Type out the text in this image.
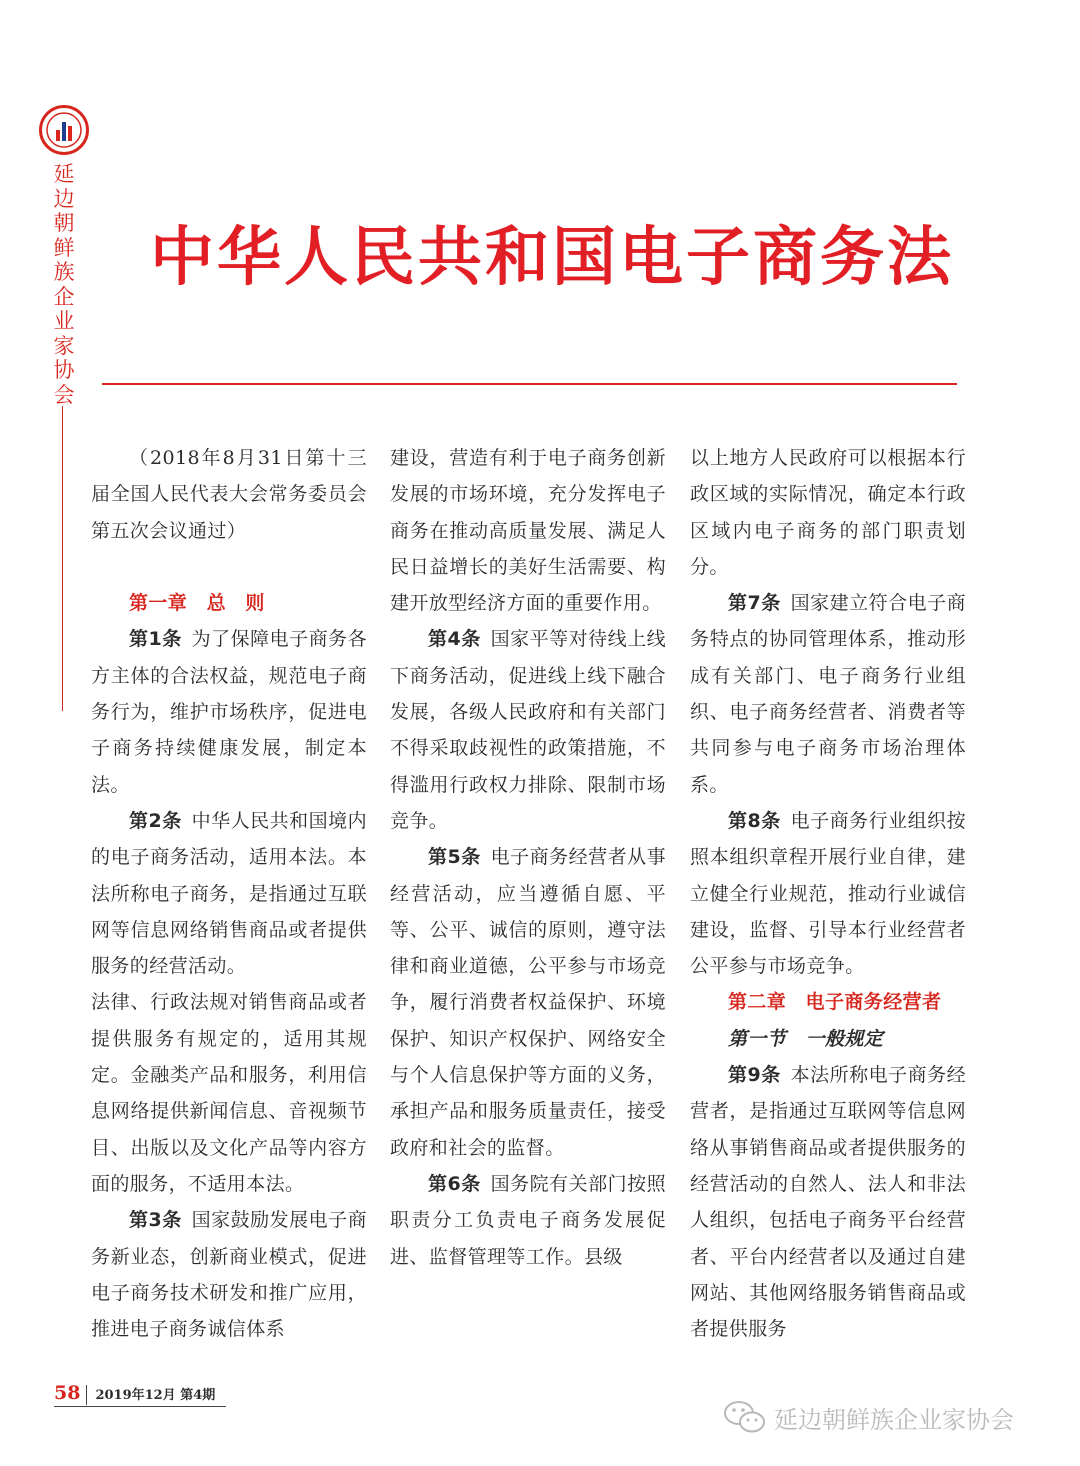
延边朝鲜族企业家协会
中华人民共和国电子商务法

（2018年8月31日第十三届全国人民代表大会常务委员会第五次会议通过）

第一章　总　则

第1条  为了保障电子商务各方主体的合法权益，规范电子商务行为，维护市场秩序，促进电子商务持续健康发展，制定本法。

第2条  中华人民共和国境内的电子商务活动，适用本法。本法所称电子商务，是指通过互联网等信息网络销售商品或者提供服务的经营活动。

法律、行政法规对销售商品或者提供服务有规定的，适用其规定。金融类产品和服务，利用信息网络提供新闻信息、音视频节目、出版以及文化产品等内容方面的服务，不适用本法。

第3条  国家鼓励发展电子商务新业态，创新商业模式，促进电子商务技术研发和推广应用，推进电子商务诚信体系

建设，营造有利于电子商务创新发展的市场环境，充分发挥电子商务在推动高质量发展、满足人民日益增长的美好生活需要、构建开放型经济方面的重要作用。

第4条  国家平等对待线上线下商务活动，促进线上线下融合发展，各级人民政府和有关部门不得采取歧视性的政策措施，不得滥用行政权力排除、限制市场竞争。

第5条  电子商务经营者从事经营活动，应当遵循自愿、平等、公平、诚信的原则，遵守法律和商业道德，公平参与市场竞争，履行消费者权益保护、环境保护、知识产权保护、网络安全与个人信息保护等方面的义务，承担产品和服务质量责任，接受政府和社会的监督。

第6条  国务院有关部门按照职责分工负责电子商务发展促进、监督管理等工作。县级

以上地方人民政府可以根据本行政区域的实际情况，确定本行政区域内电子商务的部门职责划分。

第7条  国家建立符合电子商务特点的协同管理体系，推动形成有关部门、电子商务行业组织、电子商务经营者、消费者等共同参与电子商务市场治理体系。

第8条  电子商务行业组织按照本组织章程开展行业自律，建立健全行业规范，推动行业诚信建设，监督、引导本行业经营者公平参与市场竞争。

第二章　电子商务经营者

第一节　一般规定

第9条  本法所称电子商务经营者，是指通过互联网等信息网络从事销售商品或者提供服务的经营活动的自然人、法人和非法人组织，包括电子商务平台经营者、平台内经营者以及通过自建网站、其他网络服务销售商品或者提供服务

58 2019年12月 第4期
延边朝鲜族企业家协会
